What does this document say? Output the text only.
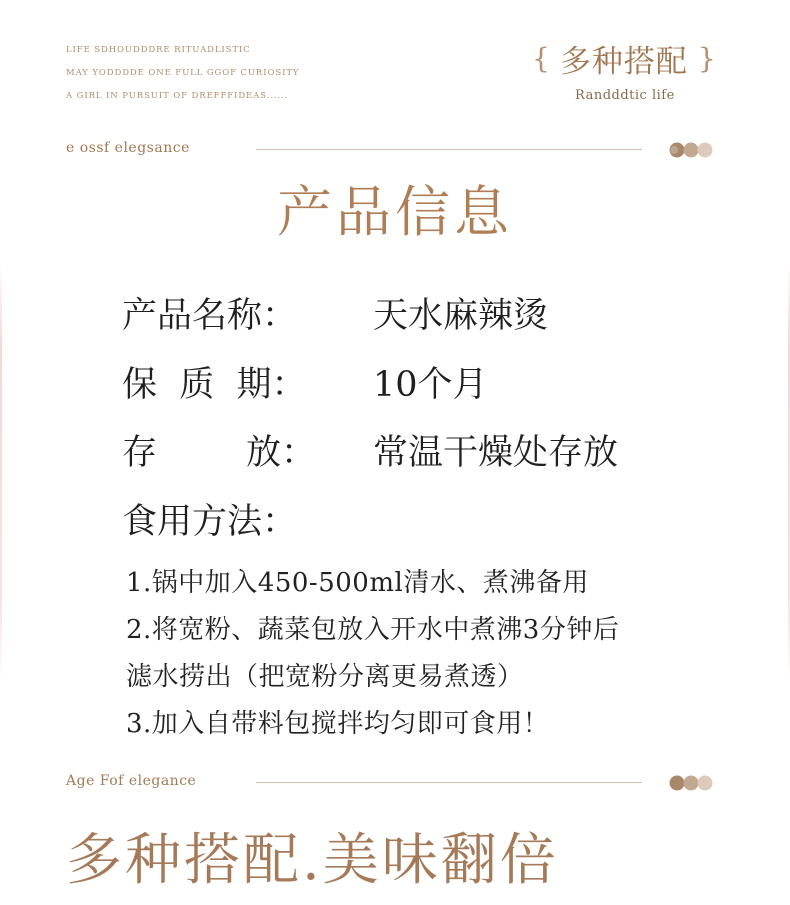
LIFE SDHOUDDDRE RITUADLISTIC
MAY YODDDDE ONE FULL GGOF CURIOSITY
A GIRL IN PURSUIT OF DREFFFIDEAS......
{ 多种搭配 }
Randddtic life
e ossf elegsance
产品信息
产品名称： 天水麻辣烫
保  质  期： 10个月
存        放： 常温干燥处存放
食用方法：
1.锅中加入450-500ml清水、煮沸备用
2.将宽粉、蔬菜包放入开水中煮沸3分钟后
滤水捞出（把宽粉分离更易煮透）
3.加入自带料包搅拌均匀即可食用！
Age Fof elegance
多种搭配.美味翻倍
